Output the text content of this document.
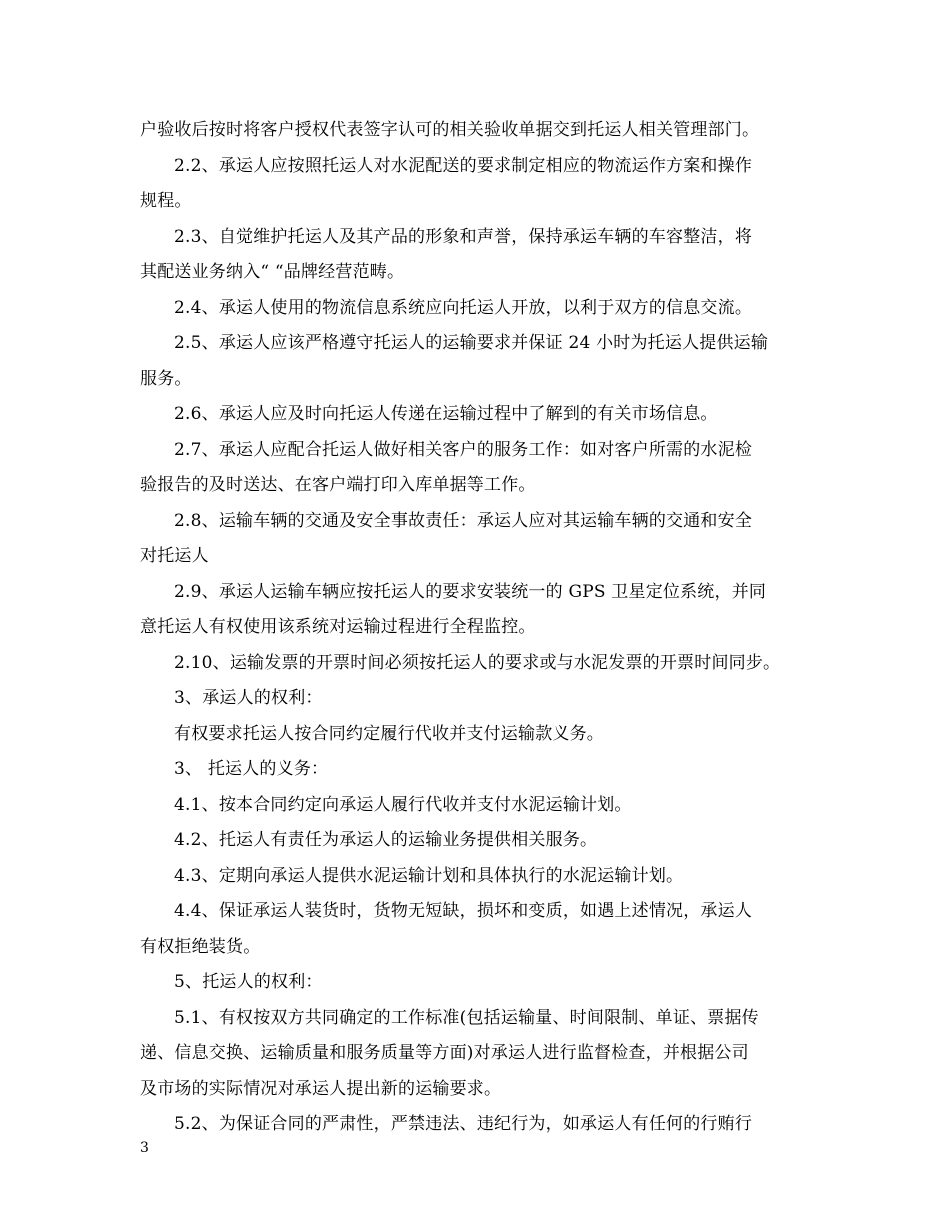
户验收后按时将客户授权代表签字认可的相关验收单据交到托运人相关管理部门。
2.2、承运人应按照托运人对水泥配送的要求制定相应的物流运作方案和操作
规程。
2.3、自觉维护托运人及其产品的形象和声誉，保持承运车辆的车容整洁，将
其配送业务纳入“ “品牌经营范畴。
2.4、承运人使用的物流信息系统应向托运人开放，以利于双方的信息交流。
2.5、承运人应该严格遵守托运人的运输要求并保证 24 小时为托运人提供运输
服务。
2.6、承运人应及时向托运人传递在运输过程中了解到的有关市场信息。
2.7、承运人应配合托运人做好相关客户的服务工作：如对客户所需的水泥检
验报告的及时送达、在客户端打印入库单据等工作。
2.8、运输车辆的交通及安全事故责任：承运人应对其运输车辆的交通和安全
对托运人
2.9、承运人运输车辆应按托运人的要求安装统一的 GPS 卫星定位系统，并同
意托运人有权使用该系统对运输过程进行全程监控。
2.10、运输发票的开票时间必须按托运人的要求或与水泥发票的开票时间同步。
3、承运人的权利：
有权要求托运人按合同约定履行代收并支付运输款义务。
3、 托运人的义务：
4.1、按本合同约定向承运人履行代收并支付水泥运输计划。
4.2、托运人有责任为承运人的运输业务提供相关服务。
4.3、定期向承运人提供水泥运输计划和具体执行的水泥运输计划。
4.4、保证承运人装货时，货物无短缺，损坏和变质，如遇上述情况，承运人
有权拒绝装货。
5、托运人的权利：
5.1、有权按双方共同确定的工作标准(包括运输量、时间限制、单证、票据传
递、信息交换、运输质量和服务质量等方面)对承运人进行监督检查，并根据公司
及市场的实际情况对承运人提出新的运输要求。
5.2、为保证合同的严肃性，严禁违法、违纪行为，如承运人有任何的行贿行
3
